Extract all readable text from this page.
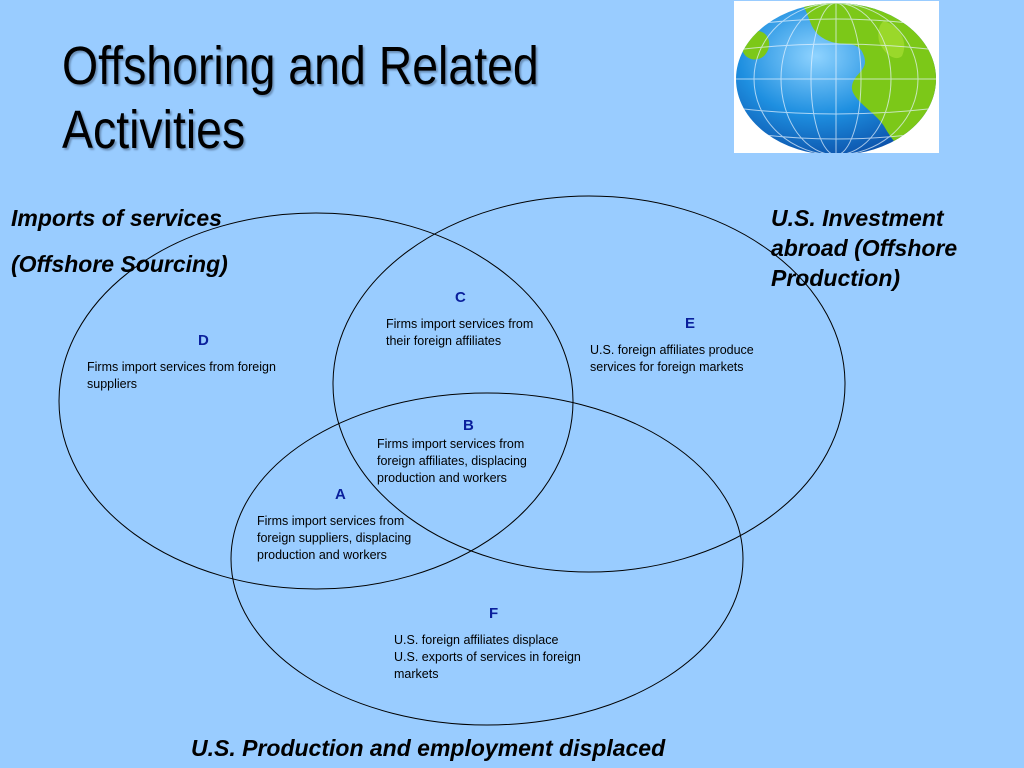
Offshoring and Related
Activities
Imports of services
(Offshore Sourcing)
U.S. Investment
abroad (Offshore
Production)
U.S. Production and employment displaced
D
Firms import services from foreign suppliers
C
Firms import services from their foreign affiliates
E
U.S. foreign affiliates produce services for foreign markets
B
Firms import services from foreign affiliates, displacing production and workers
A
Firms import services from foreign suppliers, displacing production and workers
F
U.S. foreign affiliates displace U.S. exports of services in foreign markets
